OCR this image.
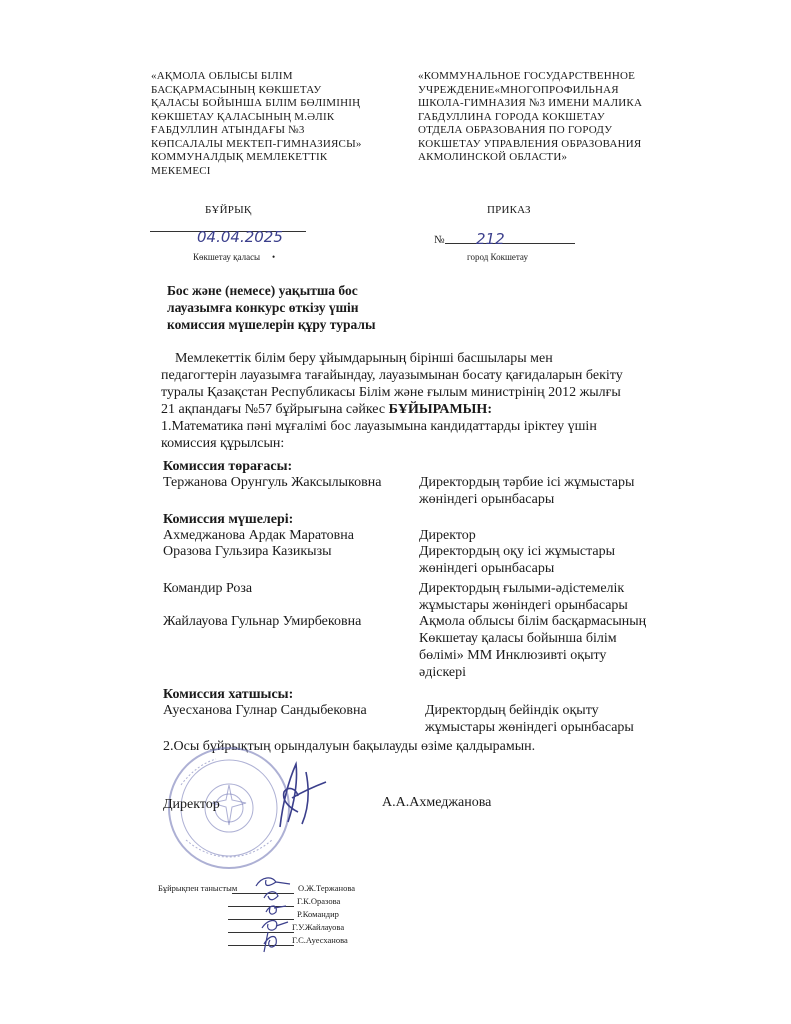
«АҚМОЛА ОБЛЫСЫ БІЛІМ
БАСҚАРМАСЫНЫҢ КӨКШЕТАУ
ҚАЛАСЫ БОЙЫНША БІЛІМ БӨЛІМІНІҢ
КӨКШЕТАУ ҚАЛАСЫНЫҢ М.ӘЛІК
ҒАБДУЛЛИН АТЫНДАҒЫ №3
КӨПСАЛАЛЫ МЕКТЕП-ГИМНАЗИЯСЫ»
КОММУНАЛДЫҚ МЕМЛЕКЕТТІК
МЕКЕМЕСІ
«КОММУНАЛЬНОЕ ГОСУДАРСТВЕННОЕ
УЧРЕЖДЕНИЕ«МНОГОПРОФИЛЬНАЯ
ШКОЛА-ГИМНАЗИЯ №3 ИМЕНИ МАЛИКА
ГАБДУЛЛИНА ГОРОДА КОКШЕТАУ
ОТДЕЛА ОБРАЗОВАНИЯ ПО ГОРОДУ
КОКШЕТАУ УПРАВЛЕНИЯ ОБРАЗОВАНИЯ
АКМОЛИНСКОЙ ОБЛАСТИ»
БҰЙРЫҚ	ПРИКАЗ
04.04.2025
Көкшетау қаласы •
№ 212
город Кокшетау
Бос және (немесе) уақытша бос
лауазымға конкурс өткізу үшін
комиссия мүшелерін құру туралы
Мемлекеттік білім беру ұйымдарының бірінші басшылары мен
педагогтерін лауазымға тағайындау, лауазымынан босату қағидаларын бекіту
туралы Қазақстан Республикасы Білім және ғылым министрінің 2012 жылғы
21 ақпандағы №57 бұйрығына сәйкес БҰЙЫРАМЫН:
1.Математика пәні мұғалімі бос лауазымына кандидаттарды іріктеу үшін
комиссия құрылсын:
Комиссия төрағасы:
Тержанова Орунгуль Жаксылыковна	Директордың тәрбие ісі жұмыстары
жөніндегі орынбасары
Комиссия мүшелері:
Ахмеджанова Ардак Маратовна	Директор
Оразова Гульзира Казикызы	Директордың оқу ісі жұмыстары
жөніндегі орынбасары
Командир Роза	Директордың ғылыми-әдістемелік
жұмыстары жөніндегі орынбасары
Жайлауова Гульнар Умирбековна	Ақмола облысы білім басқармасының
Көкшетау қаласы бойынша білім
бөлімі» ММ Инклюзивті оқыту
әдіскері
Комиссия хатшысы:
Ауесханова Гулнар Сандыбековна	Директордың бейіндік оқыту
жұмыстары жөніндегі орынбасары
2.Осы бұйрықтың орындалуын бақылауды өзіме қалдырамын.
Директор	А.А.Ахмеджанова
Бұйрықпен таныстым	О.Ж.Тержанова
Г.К.Оразова
Р.Командир
Г.У.Жайлауова
Г.С.Ауесханова
